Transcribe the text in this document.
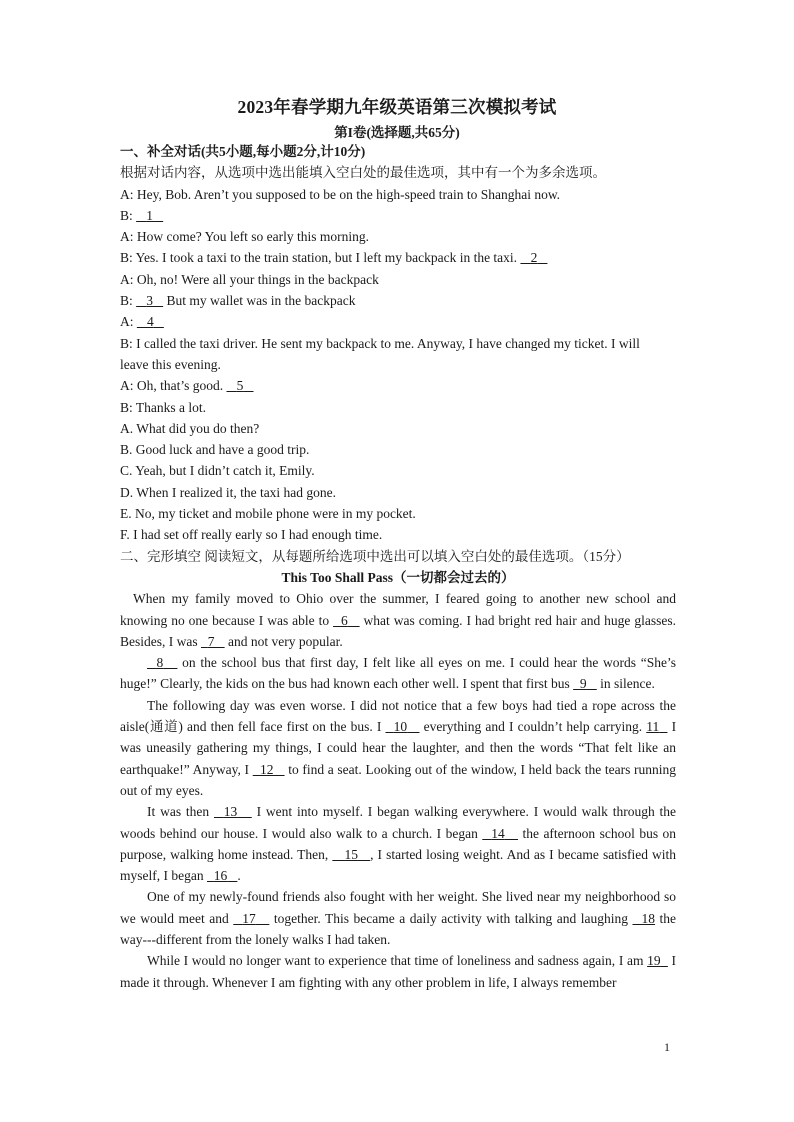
2023年春学期九年级英语第三次模拟考试
第I卷(选择题,共65分)
一、补全对话(共5小题,每小题2分,计10分)
根据对话内容，从选项中选出能填入空白处的最佳选项，其中有一个为多余选项。
A: Hey, Bob. Aren’t you supposed to be on the high-speed train to Shanghai now.
B: 1
A: How come? You left so early this morning.
B: Yes. I took a taxi to the train station, but I left my backpack in the taxi. 2
A: Oh, no! Were all your things in the backpack
B: 3 But my wallet was in the backpack
A: 4
B: I called the taxi driver. He sent my backpack to me. Anyway, I have changed my ticket. I will
leave this evening.
A: Oh, that’s good. 5
B: Thanks a lot.
A. What did you do then?
B. Good luck and have a good trip.
C. Yeah, but I didn’t catch it, Emily.
D. When I realized it, the taxi had gone.
E. No, my ticket and mobile phone were in my pocket.
F. I had set off really early so I had enough time.
二、完形填空 阅读短文，从每题所给选项中选出可以填入空白处的最佳选项。（15分）
This Too Shall Pass（一切都会过去的）

When my family moved to Ohio over the summer, I feared going to another new school and knowing no one because I was able to 6 what was coming. I had bright red hair and huge glasses. Besides, I was 7 and not very popular.

8 on the school bus that first day, I felt like all eyes on me. I could hear the words “She’s huge!” Clearly, the kids on the bus had known each other well. I spent that first bus 9 in silence.

The following day was even worse. I did not notice that a few boys had tied a rope across the aisle(通道) and then fell face first on the bus. I 10 everything and I couldn’t help carrying. 11 I was uneasily gathering my things, I could hear the laughter, and then the words “That felt like an earthquake!” Anyway, I 12 to find a seat. Looking out of the window, I held back the tears running out of my eyes.

It was then 13 I went into myself. I began walking everywhere. I would walk through the woods behind our house. I would also walk to a church. I began 14 the afternoon school bus on purpose, walking home instead. Then, 15 , I started losing weight. And as I became satisfied with myself, I began 16 .

One of my newly-found friends also fought with her weight. She lived near my neighborhood so we would meet and 17 together. This became a daily activity with talking and laughing 18 the way---different from the lonely walks I had taken.

While I would no longer want to experience that time of loneliness and sadness again, I am 19 I made it through. Whenever I am fighting with any other problem in life, I always remember

1
